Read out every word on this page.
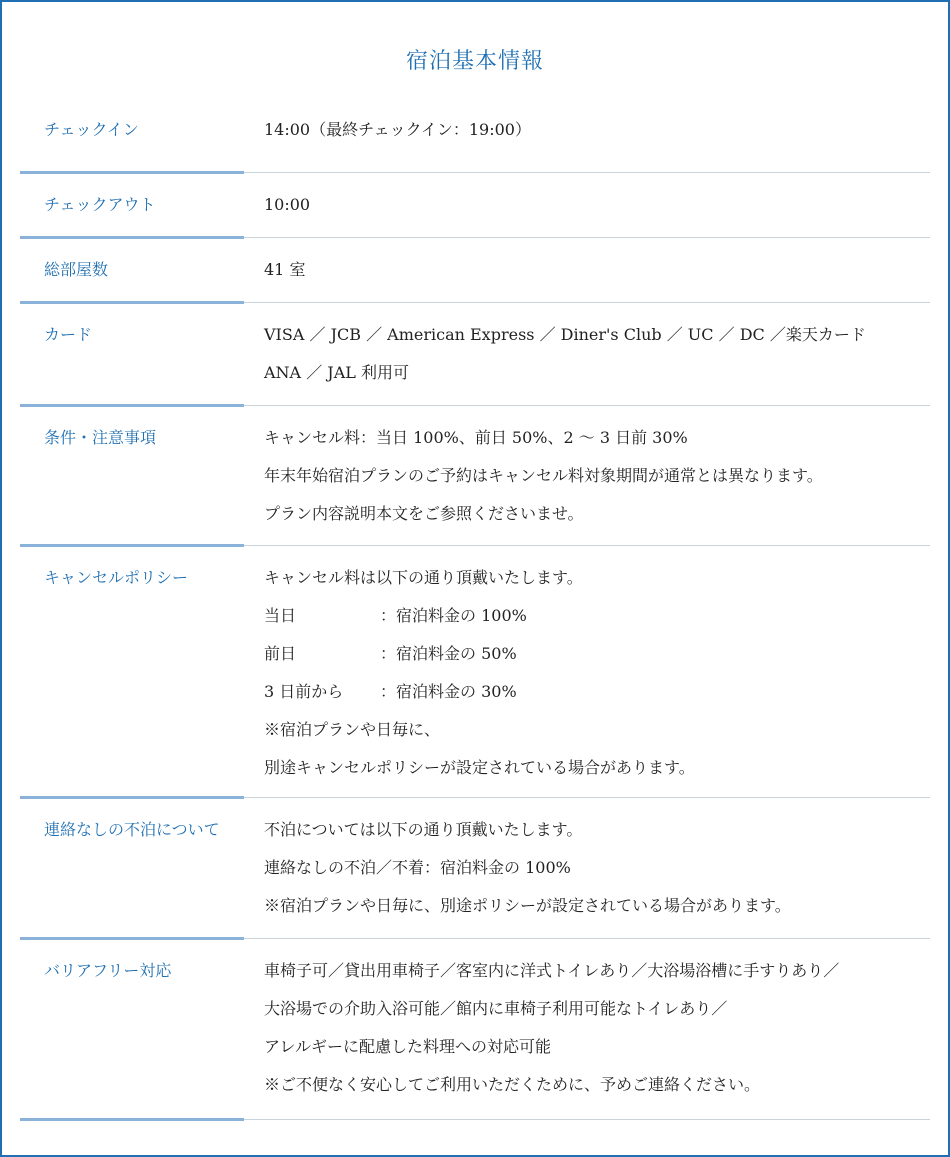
宿泊基本情報
チェックイン	14:00（最終チェックイン：19:00）
チェックアウト	10:00
総部屋数	41 室
カード	VISA ／ JCB ／ American Express ／ Diner's Club ／ UC ／ DC ／楽天カード
ANA ／ JAL 利用可
条件・注意事項	キャンセル料：当日 100%、前日 50%、2 〜 3 日前 30%
年末年始宿泊プランのご予約はキャンセル料対象期間が通常とは異なります。
プラン内容説明本文をご参照くださいませ。
キャンセルポリシー	キャンセル料は以下の通り頂戴いたします。
当日	：宿泊料金の 100%
前日	：宿泊料金の 50%
3 日前から	：宿泊料金の 30%
※宿泊プランや日毎に、
別途キャンセルポリシーが設定されている場合があります。
連絡なしの不泊について	不泊については以下の通り頂戴いたします。
連絡なしの不泊／不着：宿泊料金の 100%
※宿泊プランや日毎に、別途ポリシーが設定されている場合があります。
バリアフリー対応	車椅子可／貸出用車椅子／客室内に洋式トイレあり／大浴場浴槽に手すりあり／
大浴場での介助入浴可能／館内に車椅子利用可能なトイレあり／
アレルギーに配慮した料理への対応可能
※ご不便なく安心してご利用いただくために、予めご連絡ください。
